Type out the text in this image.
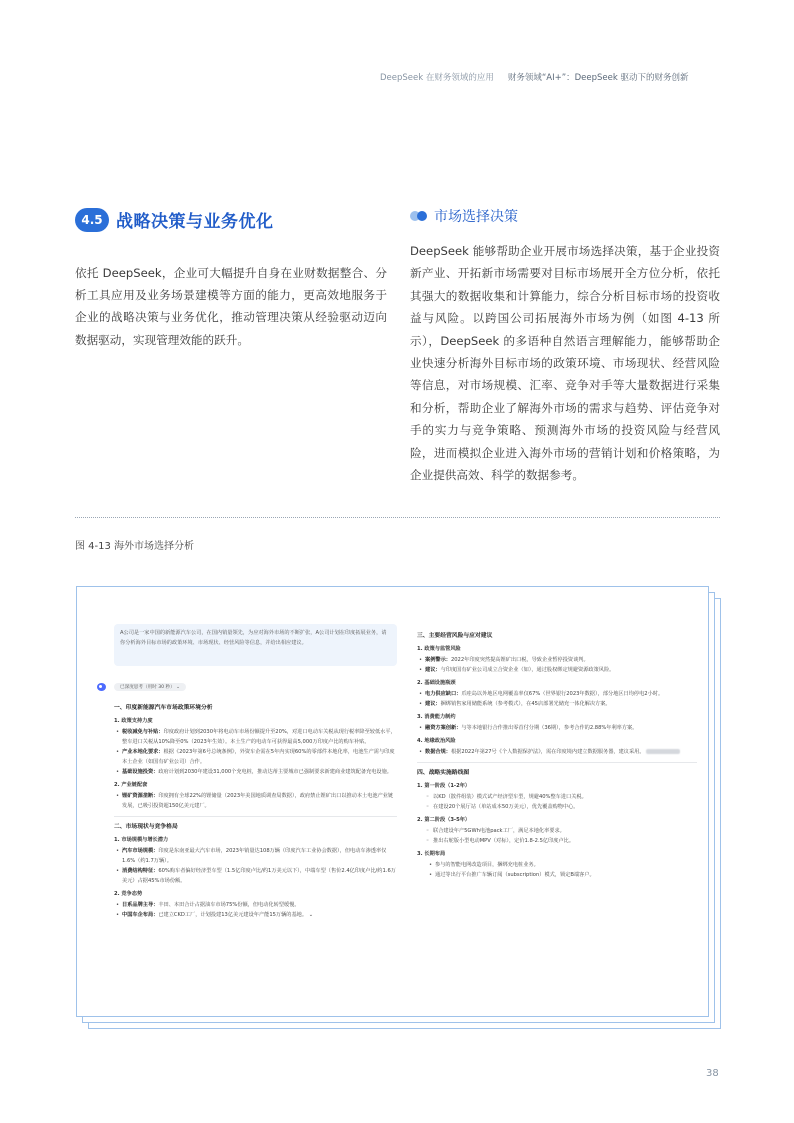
DeepSeek 在财务领域的应用 财务领域“AI+”：DeepSeek 驱动下的财务创新
4.5 战略决策与业务优化
依托 DeepSeek，企业可大幅提升自身在业财数据整合、分析工具应用及业务场景建模等方面的能力，更高效地服务于企业的战略决策与业务优化，推动管理决策从经验驱动迈向数据驱动，实现管理效能的跃升。
市场选择决策
DeepSeek 能够帮助企业开展市场选择决策，基于企业投资新产业、开拓新市场需要对目标市场展开全方位分析，依托其强大的数据收集和计算能力，综合分析目标市场的投资收益与风险。以跨国公司拓展海外市场为例（如图 4-13 所示），DeepSeek 的多语种自然语言理解能力，能够帮助企业快速分析海外目标市场的政策环境、市场现状、经营风险等信息，对市场规模、汇率、竞争对手等大量数据进行采集和分析，帮助企业了解海外市场的需求与趋势、评估竞争对手的实力与竞争策略、预测海外市场的投资风险与经营风险，进而模拟企业进入海外市场的营销计划和价格策略，为企业提供高效、科学的数据参考。
图 4-13 海外市场选择分析
A公司是一家中国的新能源汽车公司，在国内销量领先，为应对海外市场的不断扩张，A公司计划在印度拓展业务，请你分析海外目标市场的政策环境、市场现状、经营风险等信息，并给出相应建议。
已深度思考（用时 30 秒） ⌄
一、印度新能源汽车市场政策环境分析
1. 政策支持力度
• 税收减免与补贴：印度政府计划到2030年将电动车市场份额提升至20%，对进口电动车关税从现行税率降至较低水平，整车进口关税从10%降至0%（2023年生效）。本土生产的电动车可获得最高5,000万印度卢比的购车补贴。
• 产业本地化要求：根据《2023年第6号总统条例》，外资车企需在5年内实现60%的零部件本地化率，电池生产需与印度本土企业（如国有矿业公司）合作。
• 基础设施投资：政府计划到2030年建设31,000个充电桩，推动达蒂主要城市已强制要求新建商业建筑配备充电设施。
2. 产业链配套
• 锂矿资源垄断：印度拥有全球22%的锂储量（2023年美国地质调查局数据），政府禁止锂矿出口以推动本土电池产业链发展，已吸引投资超150亿美元建厂。
二、市场现状与竞争格局
1. 市场规模与增长潜力
• 汽车市场规模：印度是东南亚最大汽车市场，2023年销量达108万辆（印度汽车工业协会数据），但电动车渗透率仅1.6%（约1.7万辆）。
• 消费结构特征：60%购车者偏好经济型车型（1.5亿印度卢比/约1万美元以下），中端车型（售价2.4亿印度卢比/约1.6万美元）占据45%市场份额。
2. 竞争态势
• 日系品牌主导：丰田、本田合计占据油车市场75%份额，但电动化转型缓慢。
• 中国车企布局：已建立CKD工厂，计划投建13亿美元建设年产能15万辆的基地。 ⌄
三、主要经营风险与应对建议
1. 政策与监管风险
• 案例警示：2022年印度突然提高锂矿出口税，导致企业暂停投资谈判。
• 建议：与印度国有矿业公司成立合资企业（如），通过股权绑定规避资源政策风险。
2. 基础设施瓶颈
• 电力供应缺口：爪哇岛以外地区电网覆盖率仅67%（世界银行2023年数据），部分地区日均停电2小时。
• 建议：捆绑销售家用储能系统（参考模式），在45店部署光储充一体化解决方案。
3. 消费能力制约
• 融资方案创新：与等本地银行合作推出零首付分期（36期），参考合作的2.88%年利率方案。
4. 地缘政治风险
• 数据合规：根据2022年第27号《个人数据保护法》，需在印度境内建立数据服务器，建议采用。
四、战略实施路线图
1. 第一阶段（1-2年）
◦ 以KD（散件组装）模式试产经济型车型，规避40%整车进口关税。
◦ 在建设20个展厅站（单站成本50万美元），优先覆盖购物中心。
2. 第二阶段（3-5年）
◦ 联合建设年产5GWh电池pack工厂，满足本地化率要求。
◦ 推出右舵版小型电动MPV（对标），定价1.8-2.5亿印度卢比。
3. 长期布局
• 参与的智能电网改造项目，捆绑充电桩业务。
• 通过等出行平台推广车辆订阅（subscription）模式，锁定B端客户。
38
